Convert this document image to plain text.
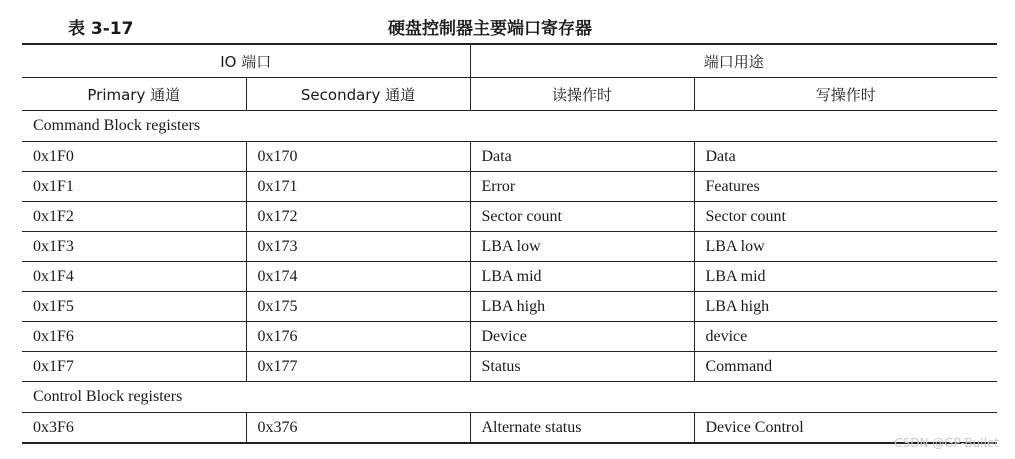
表 3-17	硬盘控制器主要端口寄存器
IO 端口		端口用途	
Primary 通道	Secondary 通道	读操作时	写操作时
Command Block registers			
0x1F0	0x170	Data	Data
0x1F1	0x171	Error	Features
0x1F2	0x172	Sector count	Sector count
0x1F3	0x173	LBA low	LBA low
0x1F4	0x174	LBA mid	LBA mid
0x1F5	0x175	LBA high	LBA high
0x1F6	0x176	Device	device
0x1F7	0x177	Status	Command
Control Block registers			
0x3F6	0x376	Alternate status	Device Control
CSDN @GP-Bullet
